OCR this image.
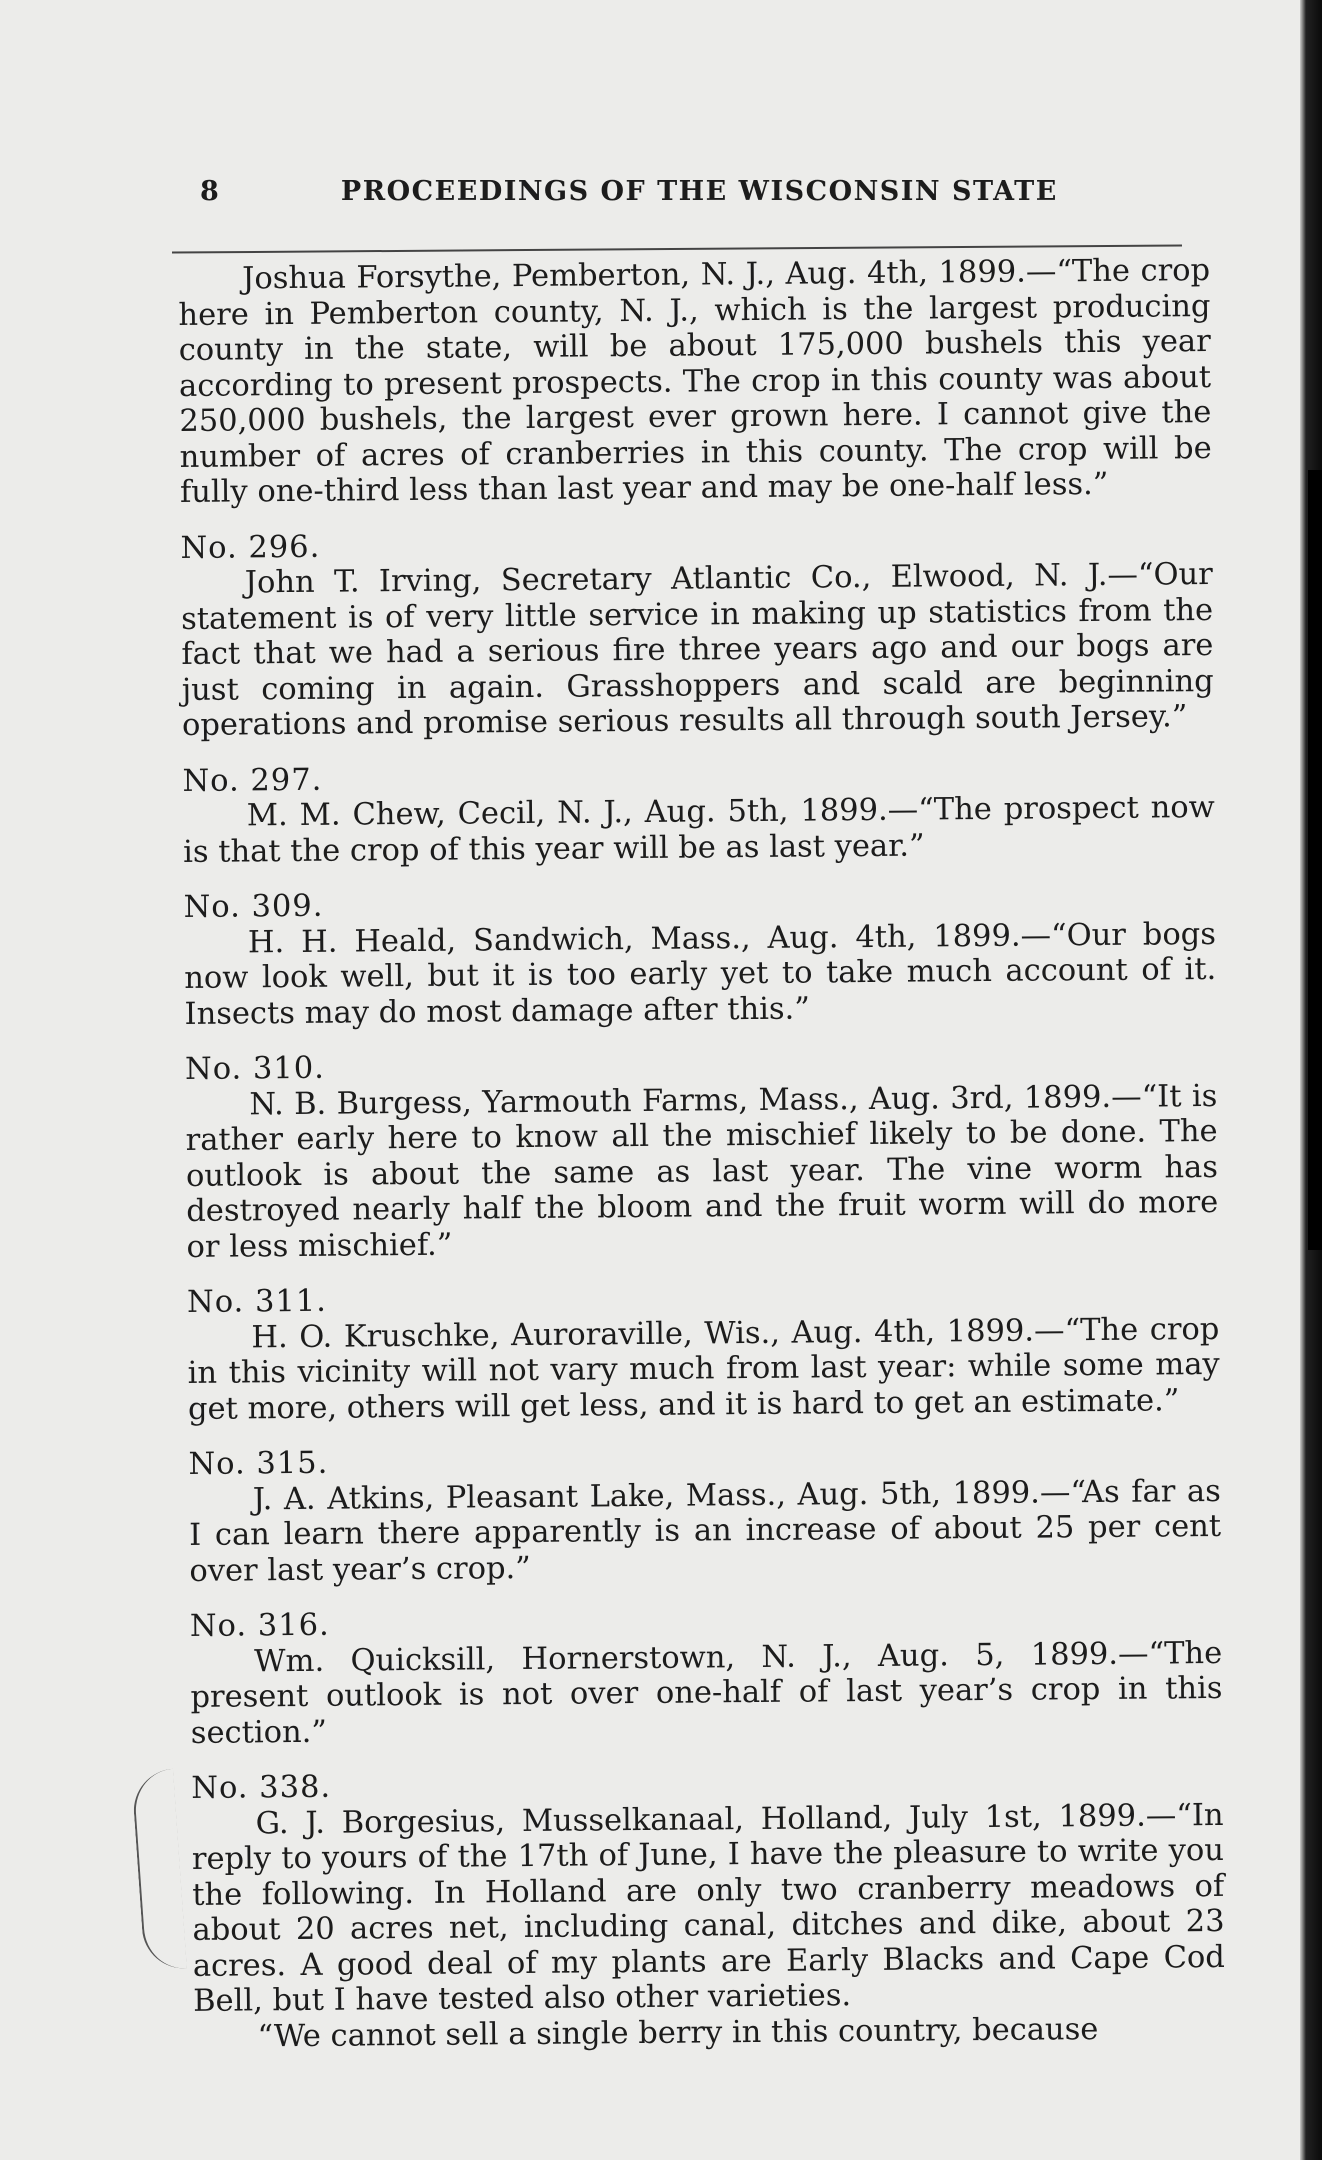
8	PROCEEDINGS OF THE WISCONSIN STATE

Joshua Forsythe, Pemberton, N. J., Aug. 4th, 1899.—“The crop here in Pemberton county, N. J., which is the largest producing county in the state, will be about 175,000 bushels this year according to present prospects. The crop in this county was about 250,000 bushels, the largest ever grown here. I cannot give the number of acres of cranberries in this county. The crop will be fully one-third less than last year and may be one-half less.”

No. 296.

John T. Irving, Secretary Atlantic Co., Elwood, N. J.—“Our statement is of very little service in making up statistics from the fact that we had a serious fire three years ago and our bogs are just coming in again. Grasshoppers and scald are beginning operations and promise serious results all through south Jersey.”

No. 297.

M. M. Chew, Cecil, N. J., Aug. 5th, 1899.—“The prospect now is that the crop of this year will be as last year.”

No. 309.

H. H. Heald, Sandwich, Mass., Aug. 4th, 1899.—“Our bogs now look well, but it is too early yet to take much account of it. Insects may do most damage after this.”

No. 310.

N. B. Burgess, Yarmouth Farms, Mass., Aug. 3rd, 1899.—“It is rather early here to know all the mischief likely to be done. The outlook is about the same as last year. The vine worm has destroyed nearly half the bloom and the fruit worm will do more or less mischief.”

No. 311.

H. O. Kruschke, Auroraville, Wis., Aug. 4th, 1899.—“The crop in this vicinity will not vary much from last year: while some may get more, others will get less, and it is hard to get an estimate.”

No. 315.

J. A. Atkins, Pleasant Lake, Mass., Aug. 5th, 1899.—“As far as I can learn there apparently is an increase of about 25 per cent over last year’s crop.”

No. 316.

Wm. Quicksill, Hornerstown, N. J., Aug. 5, 1899.—“The present outlook is not over one-half of last year’s crop in this section.”

No. 338.

G. J. Borgesius, Musselkanaal, Holland, July 1st, 1899.—“In reply to yours of the 17th of June, I have the pleasure to write you the following. In Holland are only two cranberry meadows of about 20 acres net, including canal, ditches and dike, about 23 acres. A good deal of my plants are Early Blacks and Cape Cod Bell, but I have tested also other varieties.

“We cannot sell a single berry in this country, because
